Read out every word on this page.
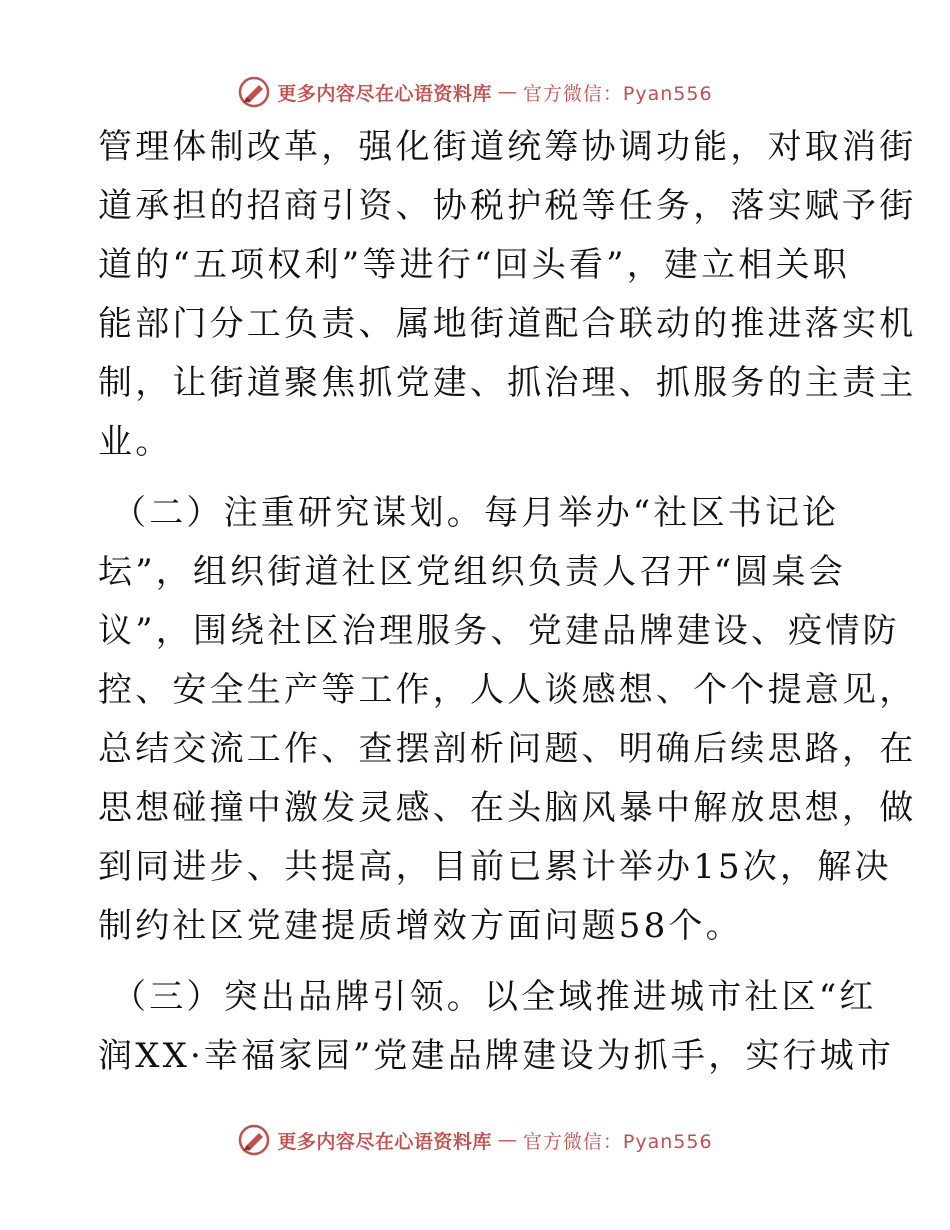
更多内容尽在心语资料库 — 官方微信：Pyan556
管理体制改革，强化街道统筹协调功能，对取消街
道承担的招商引资、协税护税等任务，落实赋予街
道的“五项权利”等进行“回头看”，建立相关职
能部门分工负责、属地街道配合联动的推进落实机
制，让街道聚焦抓党建、抓治理、抓服务的主责主
业。
（二）注重研究谋划。每月举办“社区书记论
坛”，组织街道社区党组织负责人召开“圆桌会
议”，围绕社区治理服务、党建品牌建设、疫情防
控、安全生产等工作，人人谈感想、个个提意见，
总结交流工作、查摆剖析问题、明确后续思路，在
思想碰撞中激发灵感、在头脑风暴中解放思想，做
到同进步、共提高，目前已累计举办15次，解决
制约社区党建提质增效方面问题58个。
（三）突出品牌引领。以全域推进城市社区“红
润XX·幸福家园”党建品牌建设为抓手，实行城市
更多内容尽在心语资料库 — 官方微信：Pyan556
